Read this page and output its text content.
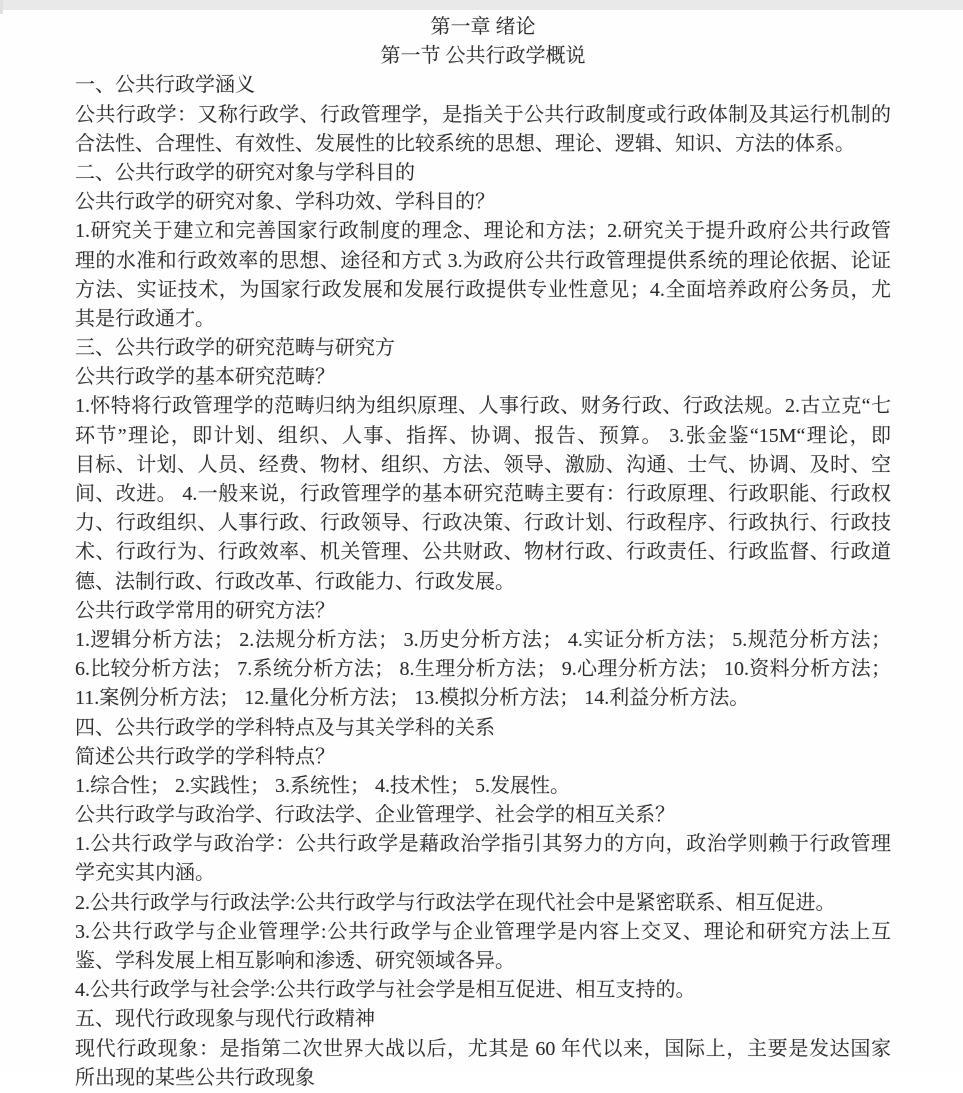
第一章 绪论
第一节 公共行政学概说
一、公共行政学涵义
公共行政学：又称行政学、行政管理学，是指关于公共行政制度或行政体制及其运行机制的
合法性、合理性、有效性、发展性的比较系统的思想、理论、逻辑、知识、方法的体系。
二、公共行政学的研究对象与学科目的
公共行政学的研究对象、学科功效、学科目的？
1.研究关于建立和完善国家行政制度的理念、理论和方法；2.研究关于提升政府公共行政管
理的水准和行政效率的思想、途径和方式 3.为政府公共行政管理提供系统的理论依据、论证
方法、实证技术，为国家行政发展和发展行政提供专业性意见；4.全面培养政府公务员，尤
其是行政通才。
三、公共行政学的研究范畴与研究方
公共行政学的基本研究范畴？
1.怀特将行政管理学的范畴归纳为组织原理、人事行政、财务行政、行政法规。2.古立克“七
环节”理论，即计划、组织、人事、指挥、协调、报告、预算。 3.张金鉴“15M“理论，即
目标、计划、人员、经费、物材、组织、方法、领导、激励、沟通、士气、协调、及时、空
间、改进。 4.一般来说，行政管理学的基本研究范畴主要有：行政原理、行政职能、行政权
力、行政组织、人事行政、行政领导、行政决策、行政计划、行政程序、行政执行、行政技
术、行政行为、行政效率、机关管理、公共财政、物材行政、行政责任、行政监督、行政道
德、法制行政、行政改革、行政能力、行政发展。
公共行政学常用的研究方法？
1.逻辑分析方法； 2.法规分析方法； 3.历史分析方法； 4.实证分析方法； 5.规范分析方法；
6.比较分析方法； 7.系统分析方法； 8.生理分析方法； 9.心理分析方法； 10.资料分析方法；
11.案例分析方法； 12.量化分析方法； 13.模拟分析方法； 14.利益分析方法。
四、公共行政学的学科特点及与其关学科的关系
简述公共行政学的学科特点？
1.综合性； 2.实践性； 3.系统性； 4.技术性； 5.发展性。
公共行政学与政治学、行政法学、企业管理学、社会学的相互关系？
1.公共行政学与政治学：公共行政学是藉政治学指引其努力的方向，政治学则赖于行政管理
学充实其内涵。
2.公共行政学与行政法学:公共行政学与行政法学在现代社会中是紧密联系、相互促进。
3.公共行政学与企业管理学:公共行政学与企业管理学是内容上交叉、理论和研究方法上互
鉴、学科发展上相互影响和渗透、研究领域各异。
4.公共行政学与社会学:公共行政学与社会学是相互促进、相互支持的。
五、现代行政现象与现代行政精神
现代行政现象：是指第二次世界大战以后，尤其是 60 年代以来，国际上，主要是发达国家
所出现的某些公共行政现象
